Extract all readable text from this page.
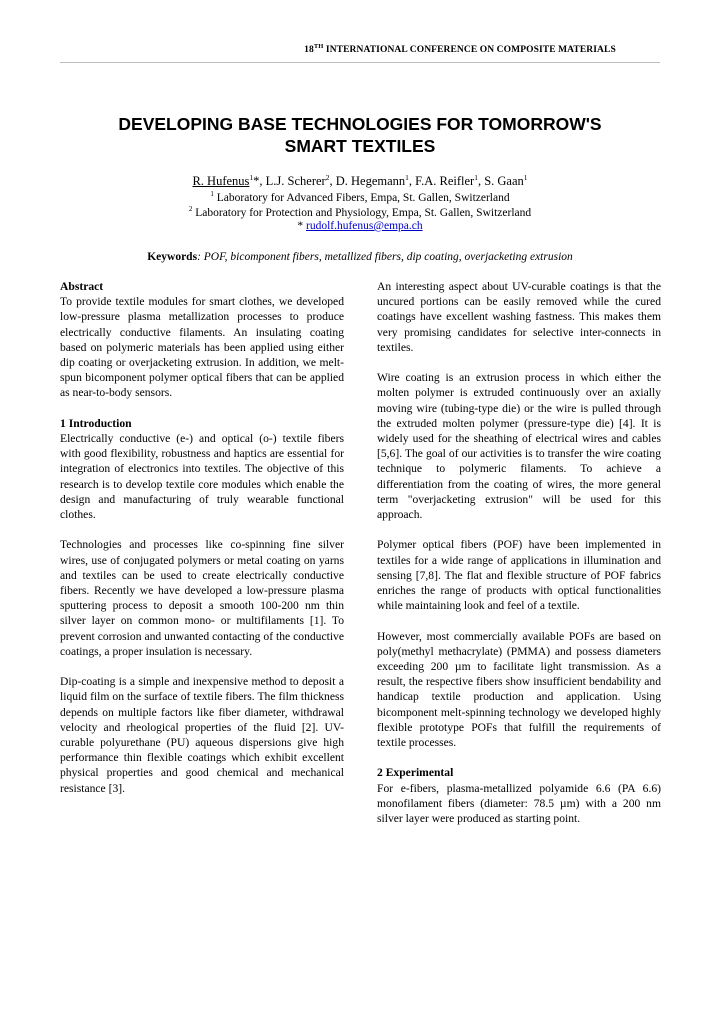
18TH INTERNATIONAL CONFERENCE ON COMPOSITE MATERIALS
DEVELOPING BASE TECHNOLOGIES FOR TOMORROW'S
SMART TEXTILES
R. Hufenus$^1$*, L.J. Scherer$^2$, D. Hegemann$^1$, F.A. Reifler$^1$, S. Gaan$^1$
$^1$ Laboratory for Advanced Fibers, Empa, St. Gallen, Switzerland
$^2$ Laboratory for Protection and Physiology, Empa, St. Gallen, Switzerland
* rudolf.hufenus@empa.ch
Keywords: POF, bicomponent fibers, metallized fibers, dip coating, overjacketing extrusion
Abstract

To provide textile modules for smart clothes, we developed low-pressure plasma metallization processes to produce electrically conductive filaments. An insulating coating based on polymeric materials has been applied using either dip coating or overjacketing extrusion. In addition, we melt-spun bicomponent polymer optical fibers that can be applied as near-to-body sensors.

1 Introduction

Electrically conductive (e-) and optical (o-) textile fibers with good flexibility, robustness and haptics are essential for integration of electronics into textiles. The objective of this research is to develop textile core modules which enable the design and manufacturing of truly wearable functional clothes.

Technologies and processes like co-spinning fine silver wires, use of conjugated polymers or metal coating on yarns and textiles can be used to create electrically conductive fibers. Recently we have developed a low-pressure plasma sputtering process to deposit a smooth 100-200 nm thin silver layer on common mono- or multifilaments [1]. To prevent corrosion and unwanted contacting of the conductive coatings, a proper insulation is necessary.

Dip-coating is a simple and inexpensive method to deposit a liquid film on the surface of textile fibers. The film thickness depends on multiple factors like fiber diameter, withdrawal velocity and rheological properties of the fluid [2]. UV-curable polyurethane (PU) aqueous dispersions give high performance thin flexible coatings which exhibit excellent physical properties and good chemical and mechanical resistance [3].

An interesting aspect about UV-curable coatings is that the uncured portions can be easily removed while the cured coatings have excellent washing fastness. This makes them very promising candidates for selective inter-connects in textiles.

Wire coating is an extrusion process in which either the molten polymer is extruded continuously over an axially moving wire (tubing-type die) or the wire is pulled through the extruded molten polymer (pressure-type die) [4]. It is widely used for the sheathing of electrical wires and cables [5,6]. The goal of our activities is to transfer the wire coating technique to polymeric filaments. To achieve a differentiation from the coating of wires, the more general term "overjacketing extrusion" will be used for this approach.

Polymer optical fibers (POF) have been implemented in textiles for a wide range of applications in illumination and sensing [7,8]. The flat and flexible structure of POF fabrics enriches the range of products with optical functionalities while maintaining look and feel of a textile.

However, most commercially available POFs are based on poly(methyl methacrylate) (PMMA) and possess diameters exceeding 200 µm to facilitate light transmission. As a result, the respective fibers show insufficient bendability and handicap textile production and application. Using bicomponent melt-spinning technology we developed highly flexible prototype POFs that fulfill the requirements of textile processes.

2 Experimental

For e-fibers, plasma-metallized polyamide 6.6 (PA 6.6) monofilament fibers (diameter: 78.5 µm) with a 200 nm silver layer were produced as starting point.
